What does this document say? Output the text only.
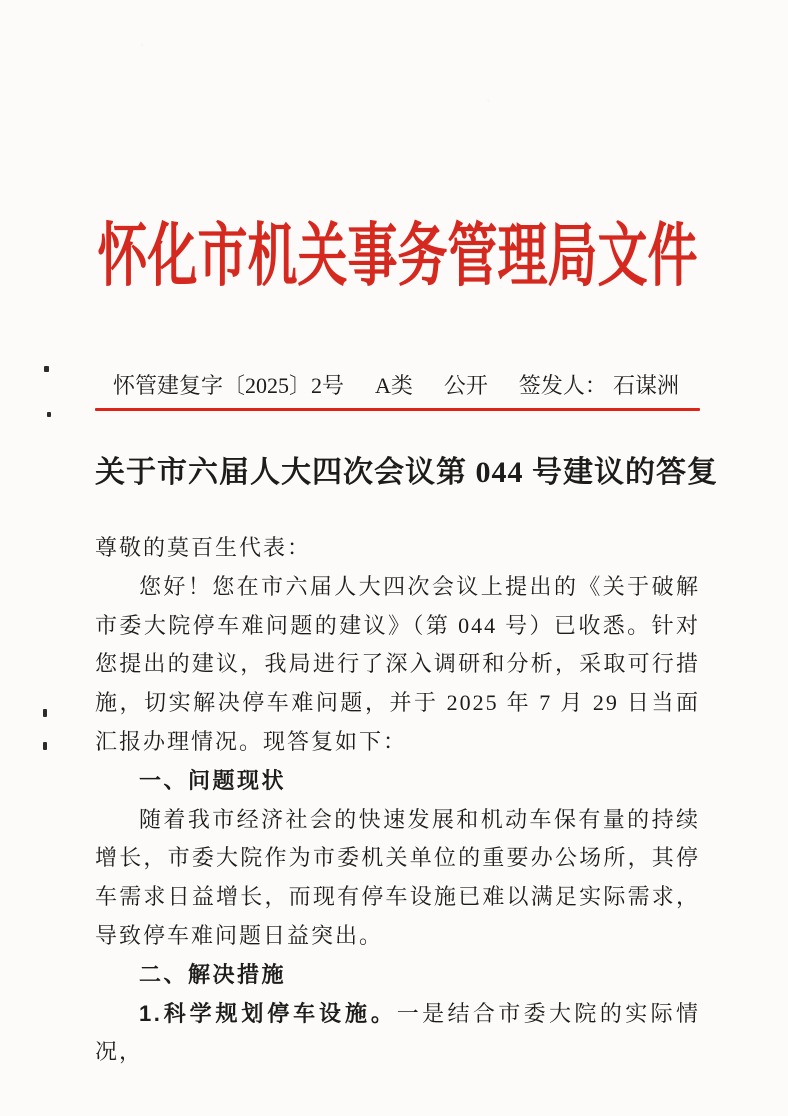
怀化市机关事务管理局文件
怀管建复字〔2025〕2号 A类 公开 签发人： 石谋洲
关于市六届人大四次会议第 044 号建议的答复

尊敬的莫百生代表：

您好！您在市六届人大四次会议上提出的《关于破解市委大院停车难问题的建议》（第 044 号）已收悉。针对您提出的建议，我局进行了深入调研和分析，采取可行措施，切实解决停车难问题，并于 2025 年 7 月 29 日当面汇报办理情况。现答复如下：

一、问题现状

随着我市经济社会的快速发展和机动车保有量的持续增长，市委大院作为市委机关单位的重要办公场所，其停车需求日益增长，而现有停车设施已难以满足实际需求，导致停车难问题日益突出。

二、解决措施

1.科学规划停车设施。一是结合市委大院的实际情况，
